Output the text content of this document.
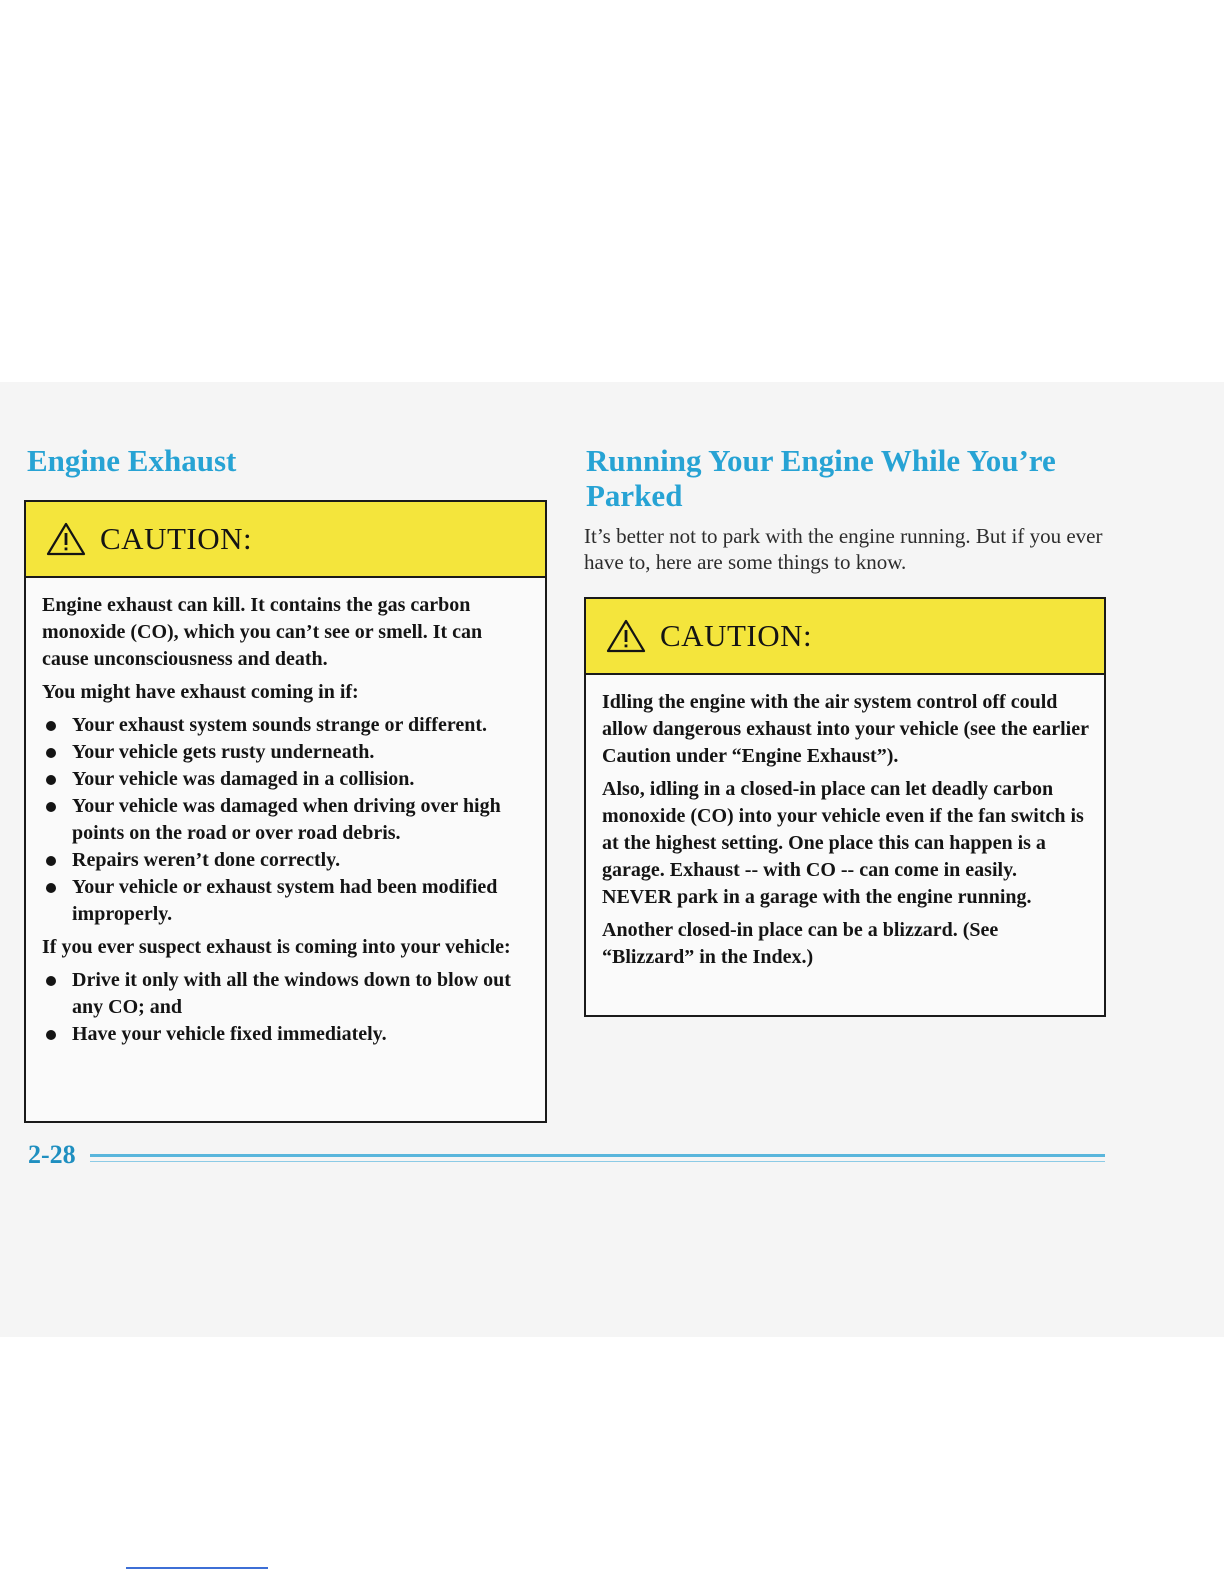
Engine Exhaust
CAUTION:

Engine exhaust can kill. It contains the gas carbon monoxide (CO), which you can’t see or smell. It can cause unconsciousness and death.

You might have exhaust coming in if:

Your exhaust system sounds strange or different.
Your vehicle gets rusty underneath.
Your vehicle was damaged in a collision.
Your vehicle was damaged when driving over high points on the road or over road debris.
Repairs weren’t done correctly.
Your vehicle or exhaust system had been modified improperly.

If you ever suspect exhaust is coming into your vehicle:

Drive it only with all the windows down to blow out any CO; and
Have your vehicle fixed immediately.
Running Your Engine While You’re Parked

It’s better not to park with the engine running. But if you ever have to, here are some things to know.

CAUTION:

Idling the engine with the air system control off could allow dangerous exhaust into your vehicle (see the earlier Caution under “Engine Exhaust”).

Also, idling in a closed-in place can let deadly carbon monoxide (CO) into your vehicle even if the fan switch is at the highest setting. One place this can happen is a garage. Exhaust -- with CO -- can come in easily. NEVER park in a garage with the engine running.

Another closed-in place can be a blizzard. (See “Blizzard” in the Index.)

2-28
